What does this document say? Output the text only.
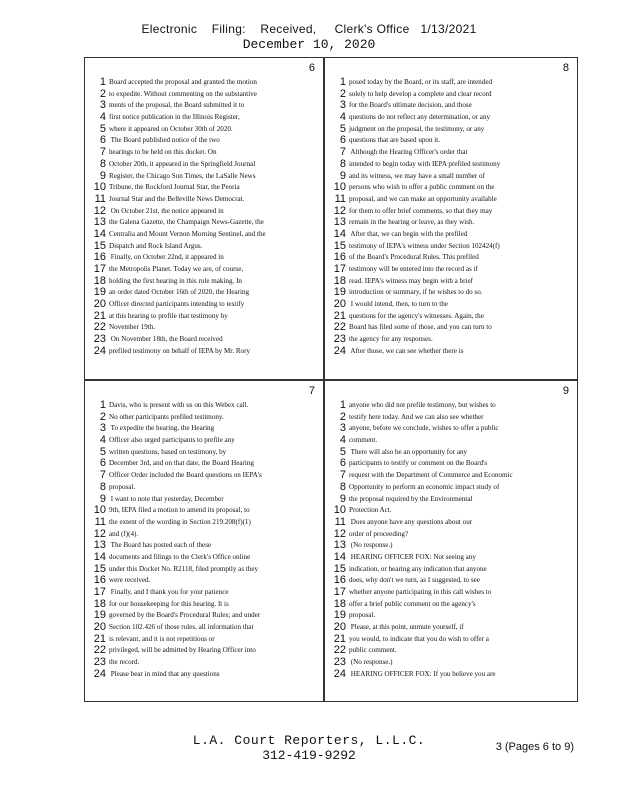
Electronic Filing: Received, Clerk's Office 1/13/2021
December 10, 2020
6
1 Board accepted the proposal and granted the motion
2 to expedite. Without commenting on the substantive
3 ments of the proposal, the Board submitted it to
4 first notice publication in the Illinois Register,
5 where it appeared on October 30th of 2020.
6 The Board published notice of the two
7 hearings to be held on this docket. On
8 October 20th, it appeared in the Springfield Journal
9 Register, the Chicago Sun Times, the LaSalle News
10 Tribune, the Rockford Journal Star, the Peoria
11 Journal Star and the Belleville News Democrat.
12 On October 21st, the notice appeared in
13 the Galena Gazette, the Champaign News-Gazette, the
14 Centralia and Mount Vernon Morning Sentinel, and the
15 Dispatch and Rock Island Argus.
16 Finally, on October 22nd, it appeared in
17 the Metropolis Planet. Today we are, of course,
18 holding the first hearing in this rule making. In
19 an order dated October 16th of 2020, the Hearing
20 Officer directed participants intending to testify
21 at this hearing to prefile that testimony by
22 November 19th.
23 On November 18th, the Board received
24 prefiled testimony on behalf of IEPA by Mr. Rory
8
1 posed today by the Board, or its staff, are intended
2 solely to help develop a complete and clear record
3 for the Board's ultimate decision, and those
4 questions do not reflect any determination, or any
5 judgment on the proposal, the testimony, or any
6 questions that are based upon it.
7 Although the Hearing Officer's order that
8 intended to begin today with IEPA prefiled testimony
9 and its witness, we may have a small number of
10 persons who wish to offer a public comment on the
11 proposal, and we can make an opportunity available
12 for them to offer brief comments, so that they may
13 remain in the hearing or leave, as they wish.
14 After that, we can begin with the prefiled
15 testimony of IEPA's witness under Section 102424(f)
16 of the Board's Procedural Rules. This prefiled
17 testimony will be entered into the record as if
18 read. IEPA's witness may begin with a brief
19 introduction or summary, if he wishes to do so.
20 I would intend, then, to turn to the
21 questions for the agency's witnesses. Again, the
22 Board has filed some of those, and you can turn to
23 the agency for any responses.
24 After those, we can see whether there is
7
1 Davis, who is present with us on this Webex call.
2 No other participants prefiled testimony.
3 To expedite the hearing, the Hearing
4 Officer also urged participants to prefile any
5 written questions, based on testimony, by
6 December 3rd, and on that date, the Board Hearing
7 Officer Order included the Board questions on IEPA's
8 proposal.
9 I want to note that yesterday, December
10 9th, IEPA filed a motion to amend its proposal, to
11 the extent of the wording in Section 219.208(f)(1)
12 and (f)(4).
13 The Board has posted each of these
14 documents and filings to the Clerk's Office online
15 under this Docket No. R2118, filed promptly as they
16 were received.
17 Finally, and I thank you for your patience
18 for our housekeeping for this hearing. It is
19 governed by the Board's Procedural Rules; and under
20 Section 102.426 of those rules, all information that
21 is relevant, and it is not repetitious or
22 privileged, will be admitted by Hearing Officer into
23 the record.
24 Please bear in mind that any questions
9
1 anyone who did not prefile testimony, but wishes to
2 testify here today. And we can also see whether
3 anyone, before we conclude, wishes to offer a public
4 comment.
5 There will also be an opportunity for any
6 participants to testify or comment on the Board's
7 request with the Department of Commerce and Economic
8 Opportunity to perform an economic impact study of
9 the proposal required by the Environmental
10 Protection Act.
11 Does anyone have any questions about our
12 order of proceeding?
13 (No response.)
14 HEARING OFFICER FOX: Not seeing any
15 indication, or hearing any indication that anyone
16 does, why don't we turn, as I suggested, to see
17 whether anyone participating in this call wishes to
18 offer a brief public comment on the agency's
19 proposal.
20 Please, at this point, unmute yourself, if
21 you would, to indicate that you do wish to offer a
22 public comment.
23 (No response.)
24 HEARING OFFICER FOX: If you believe you are
3 (Pages 6 to 9)
L.A. Court Reporters, L.L.C.
312-419-9292
